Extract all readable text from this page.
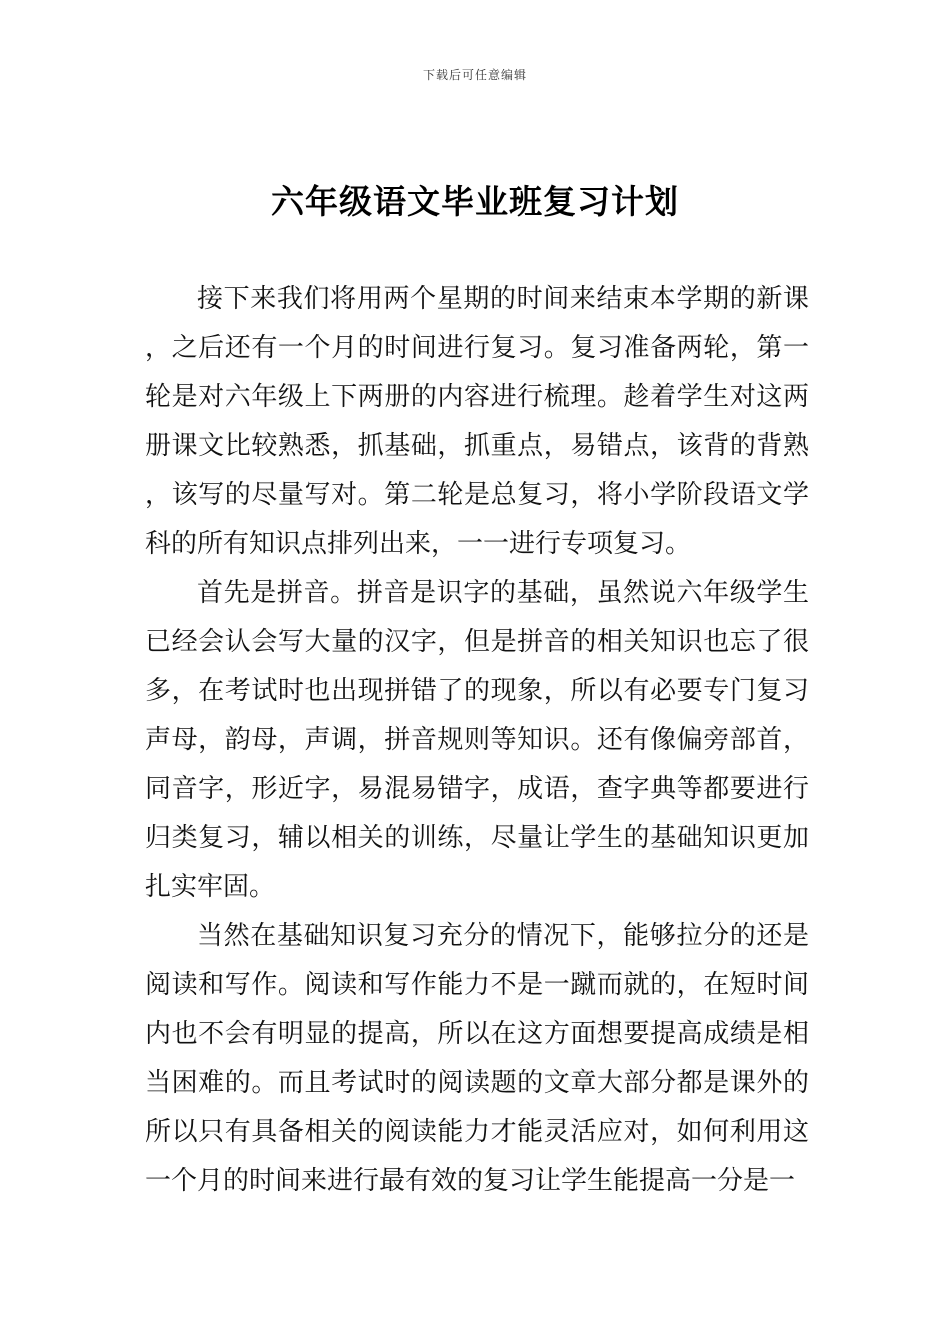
下载后可任意编辑
六年级语文毕业班复习计划

接下来我们将用两个星期的时间来结束本学期的新课，之后还有一个月的时间进行复习。复习准备两轮，第一轮是对六年级上下两册的内容进行梳理。趁着学生对这两册课文比较熟悉，抓基础，抓重点，易错点，该背的背熟，该写的尽量写对。第二轮是总复习，将小学阶段语文学科的所有知识点排列出来，一一进行专项复习。

首先是拼音。拼音是识字的基础，虽然说六年级学生已经会认会写大量的汉字，但是拼音的相关知识也忘了很多，在考试时也出现拼错了的现象，所以有必要专门复习声母，韵母，声调，拼音规则等知识。还有像偏旁部首，同音字，形近字，易混易错字，成语，查字典等都要进行归类复习，辅以相关的训练，尽量让学生的基础知识更加扎实牢固。

当然在基础知识复习充分的情况下，能够拉分的还是阅读和写作。阅读和写作能力不是一蹴而就的，在短时间内也不会有明显的提高，所以在这方面想要提高成绩是相当困难的。而且考试时的阅读题的文章大部分都是课外的所以只有具备相关的阅读能力才能灵活应对，如何利用这一个月的时间来进行最有效的复习让学生能提高一分是一
